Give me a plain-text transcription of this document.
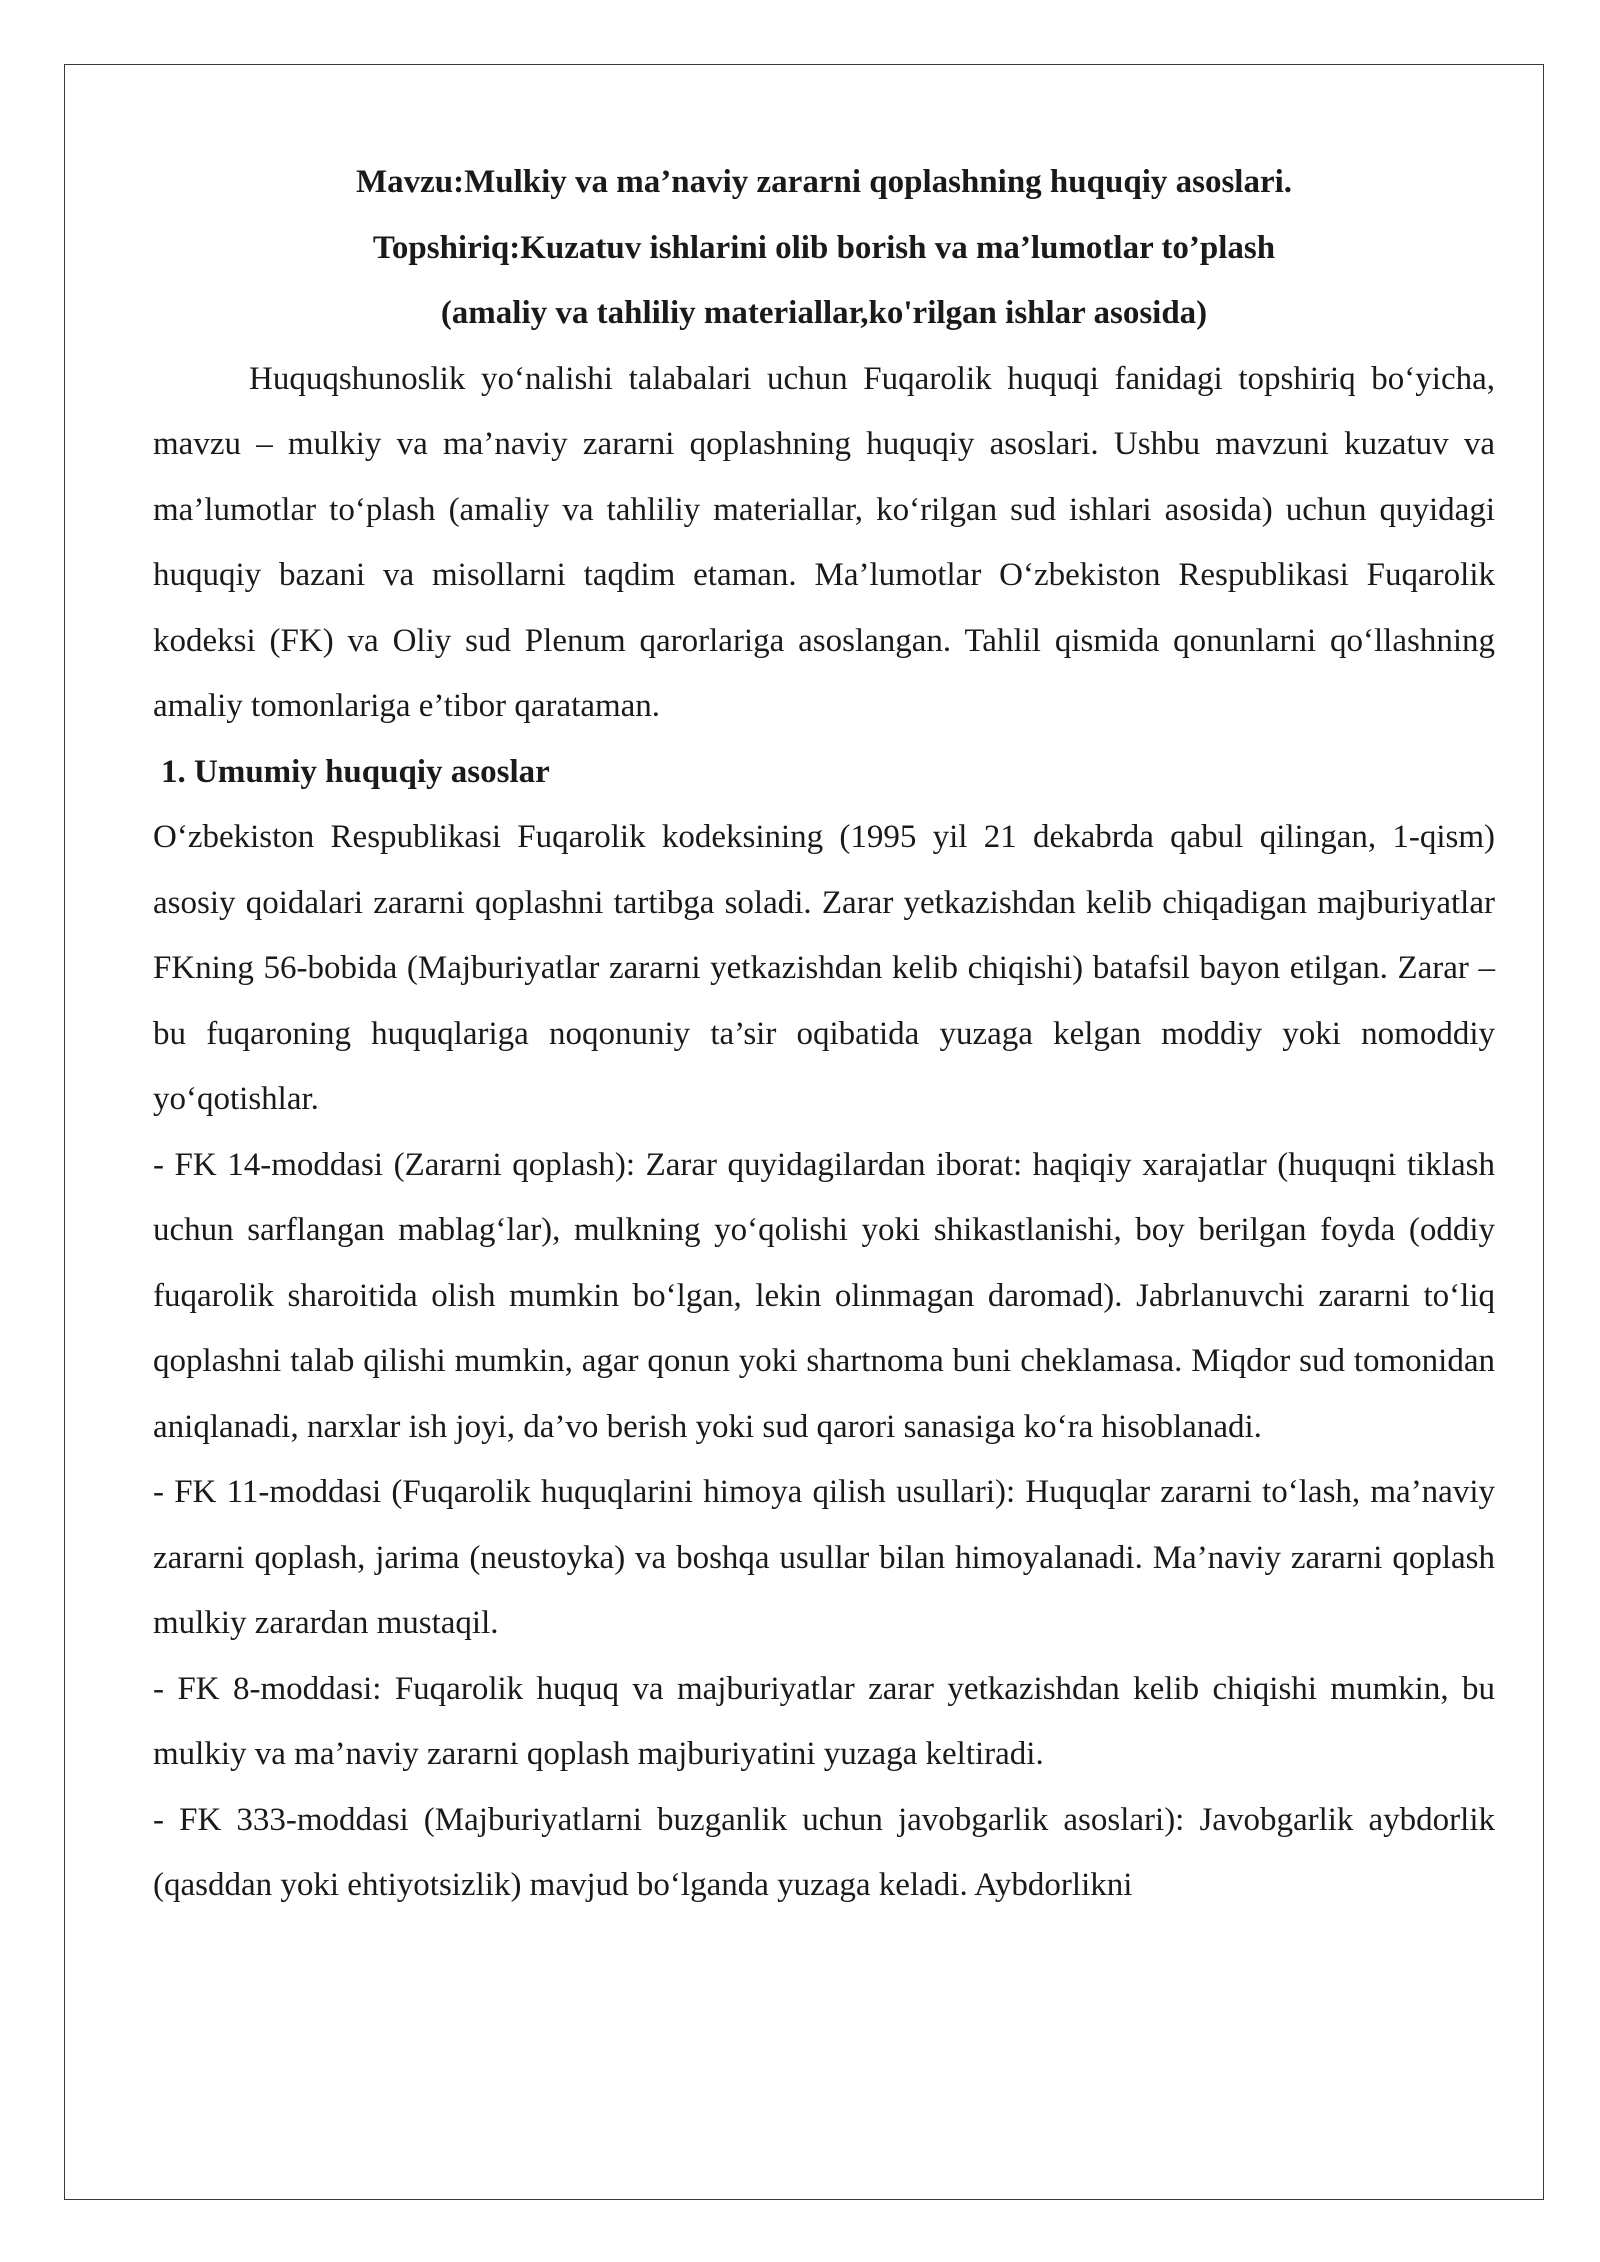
Mavzu:Mulkiy va ma’naviy zararni qoplashning huquqiy asoslari.

Topshiriq:Kuzatuv ishlarini olib borish va ma’lumotlar to’plash

(amaliy va tahliliy materiallar,ko'rilgan ishlar asosida)

Huquqshunoslik yo‘nalishi talabalari uchun Fuqarolik huquqi fanidagi topshiriq bo‘yicha, mavzu – mulkiy va ma’naviy zararni qoplashning huquqiy asoslari. Ushbu mavzuni kuzatuv va ma’lumotlar to‘plash (amaliy va tahliliy materiallar, ko‘rilgan sud ishlari asosida) uchun quyidagi huquqiy bazani va misollarni taqdim etaman. Ma’lumotlar O‘zbekiston Respublikasi Fuqarolik kodeksi (FK) va Oliy sud Plenum qarorlariga asoslangan. Tahlil qismida qonunlarni qo‘llashning amaliy tomonlariga e’tibor qarataman.

1. Umumiy huquqiy asoslar

O‘zbekiston Respublikasi Fuqarolik kodeksining (1995 yil 21 dekabrda qabul qilingan, 1-qism) asosiy qoidalari zararni qoplashni tartibga soladi. Zarar yetkazishdan kelib chiqadigan majburiyatlar FKning 56-bobida (Majburiyatlar zararni yetkazishdan kelib chiqishi) batafsil bayon etilgan. Zarar – bu fuqaroning huquqlariga noqonuniy ta’sir oqibatida yuzaga kelgan moddiy yoki nomoddiy yo‘qotishlar.

- FK 14-moddasi (Zararni qoplash): Zarar quyidagilardan iborat: haqiqiy xarajatlar (huquqni tiklash uchun sarflangan mablag‘lar), mulkning yo‘qolishi yoki shikastlanishi, boy berilgan foyda (oddiy fuqarolik sharoitida olish mumkin bo‘lgan, lekin olinmagan daromad). Jabrlanuvchi zararni to‘liq qoplashni talab qilishi mumkin, agar qonun yoki shartnoma buni cheklamasa. Miqdor sud tomonidan aniqlanadi, narxlar ish joyi, da’vo berish yoki sud qarori sanasiga ko‘ra hisoblanadi.

- FK 11-moddasi (Fuqarolik huquqlarini himoya qilish usullari): Huquqlar zararni to‘lash, ma’naviy zararni qoplash, jarima (neustoyka) va boshqa usullar bilan himoyalanadi. Ma’naviy zararni qoplash mulkiy zarardan mustaqil.

- FK 8-moddasi: Fuqarolik huquq va majburiyatlar zarar yetkazishdan kelib chiqishi mumkin, bu mulkiy va ma’naviy zararni qoplash majburiyatini yuzaga keltiradi.

- FK 333-moddasi (Majburiyatlarni buzganlik uchun javobgarlik asoslari): Javobgarlik aybdorlik (qasddan yoki ehtiyotsizlik) mavjud bo‘lganda yuzaga keladi. Aybdorlikni
